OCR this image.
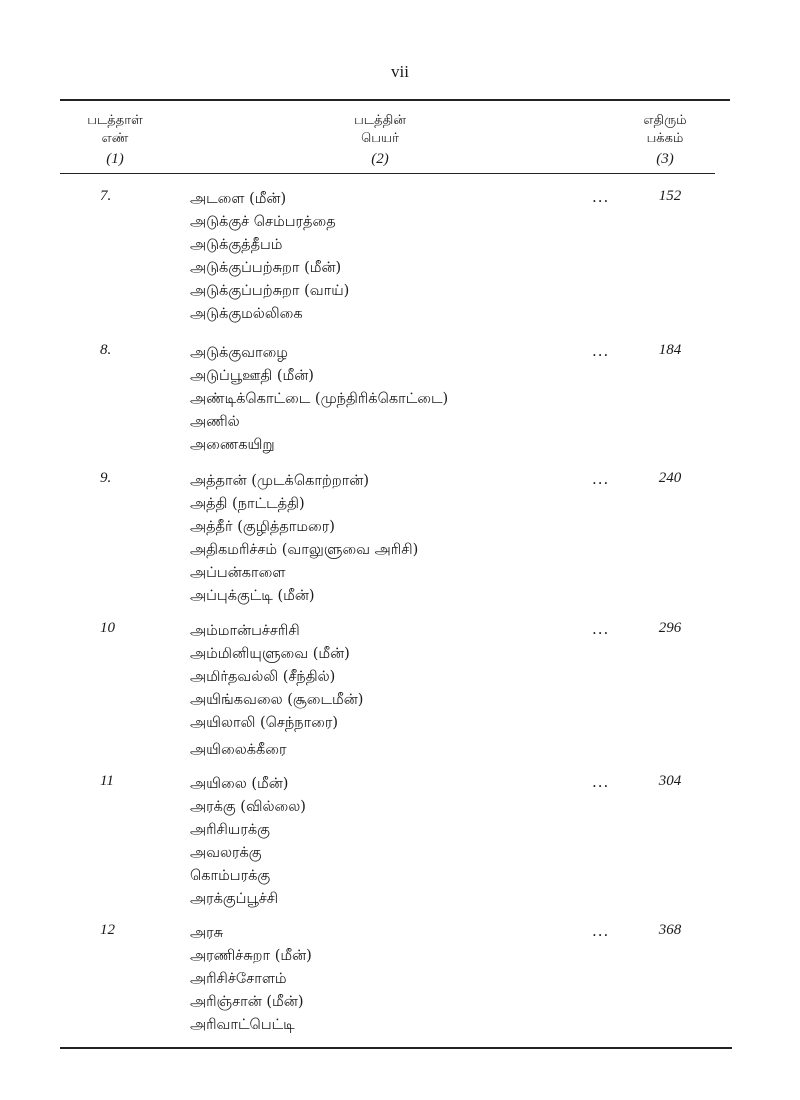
vii
படத்தாள்
எண்
(1)
படத்தின்
பெயர்
(2)
எதிரும்
பக்கம்
(3)
7.	அடளை (மீன்)
அடுக்குச் செம்பரத்தை
அடுக்குத்தீபம்
அடுக்குப்பற்சுறா (மீன்)
அடுக்குப்பற்சுறா (வாய்)
அடுக்குமல்லிகை
...	152
8.	அடுக்குவாழை
அடுப்பூஊதி (மீன்)
அண்டிக்கொட்டை (முந்திரிக்கொட்டை)
அணில்
அணைகயிறு
...	184
9.	அத்தான் (முடக்கொற்றான்)
அத்தி (நாட்டத்தி)
அத்தீர் (குழித்தாமரை)
அதிகமரிச்சம் (வாலுளுவை அரிசி)
அப்பன்காளை
அப்புக்குட்டி (மீன்)
...	240
10	அம்மான்பச்சரிசி
அம்மினியுளுவை (மீன்)
அமிர்தவல்லி (சீந்தில்)
அயிங்கவலை (சூடைமீன்)
அயிலாலி (செந்நாரை)
அயிலைக்கீரை
...	296
11	அயிலை (மீன்)
அரக்கு (வில்லை)
அரிசியரக்கு
அவலரக்கு
கொம்பரக்கு
அரக்குப்பூச்சி
...	304
12	அரசு
அரணிச்சுறா (மீன்)
அரிசிச்சோளம்
அரிஞ்சான் (மீன்)
அரிவாட்பெட்டி
...	368
